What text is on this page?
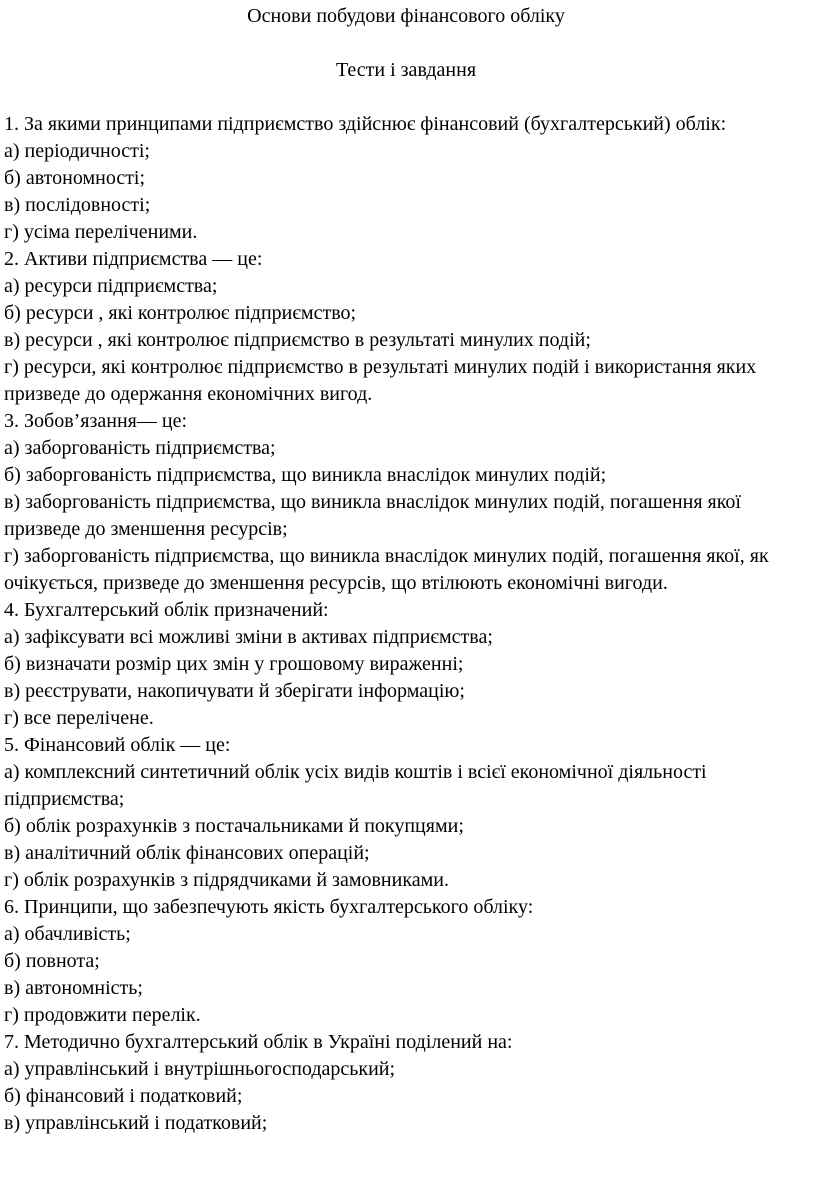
Основи побудови фінансового обліку
Тести і завдання

1. За якими принципами підприємство здійснює фінансовий (бухгалтерський) облік:

а) періодичності;

б) автономності;

в) послідовності;

г) усіма переліченими.

2. Активи підприємства — це:

а) ресурси підприємства;

б) ресурси , які контролює підприємство;

в) ресурси , які контролює підприємство в результаті минулих подій;

г) ресурси, які контролює підприємство в результаті минулих подій і використання яких призведе до одержання економічних вигод.

3. Зобов’язання— це:

а) заборгованість підприємства;

б) заборгованість підприємства, що виникла внаслідок минулих подій;

в) заборгованість підприємства, що виникла внаслідок минулих подій, погашення якої призведе до зменшення ресурсів;

г) заборгованість підприємства, що виникла внаслідок минулих подій, погашення якої, як очікується, призведе до зменшення ресурсів, що втілюють економічні вигоди.

4. Бухгалтерський облік призначений:

а) зафіксувати всі можливі зміни в активах підприємства;

б) визначати розмір цих змін у грошовому вираженні;

в) реєструвати, накопичувати й зберігати інформацію;

г) все перелічене.

5. Фінансовий облік — це:

а) комплексний синтетичний облік усіх видів коштів і всієї економічної діяльності підприємства;

б) облік розрахунків з постачальниками й покупцями;

в) аналітичний облік фінансових операцій;

г) облік розрахунків з підрядчиками й замовниками.

6. Принципи, що забезпечують якість бухгалтерського обліку:

а) обачливість;

б) повнота;

в) автономність;

г) продовжити перелік.

7. Методично бухгалтерський облік в Україні поділений на:

а) управлінський і внутрішньогосподарський;

б) фінансовий і податковий;

в) управлінський і податковий;
